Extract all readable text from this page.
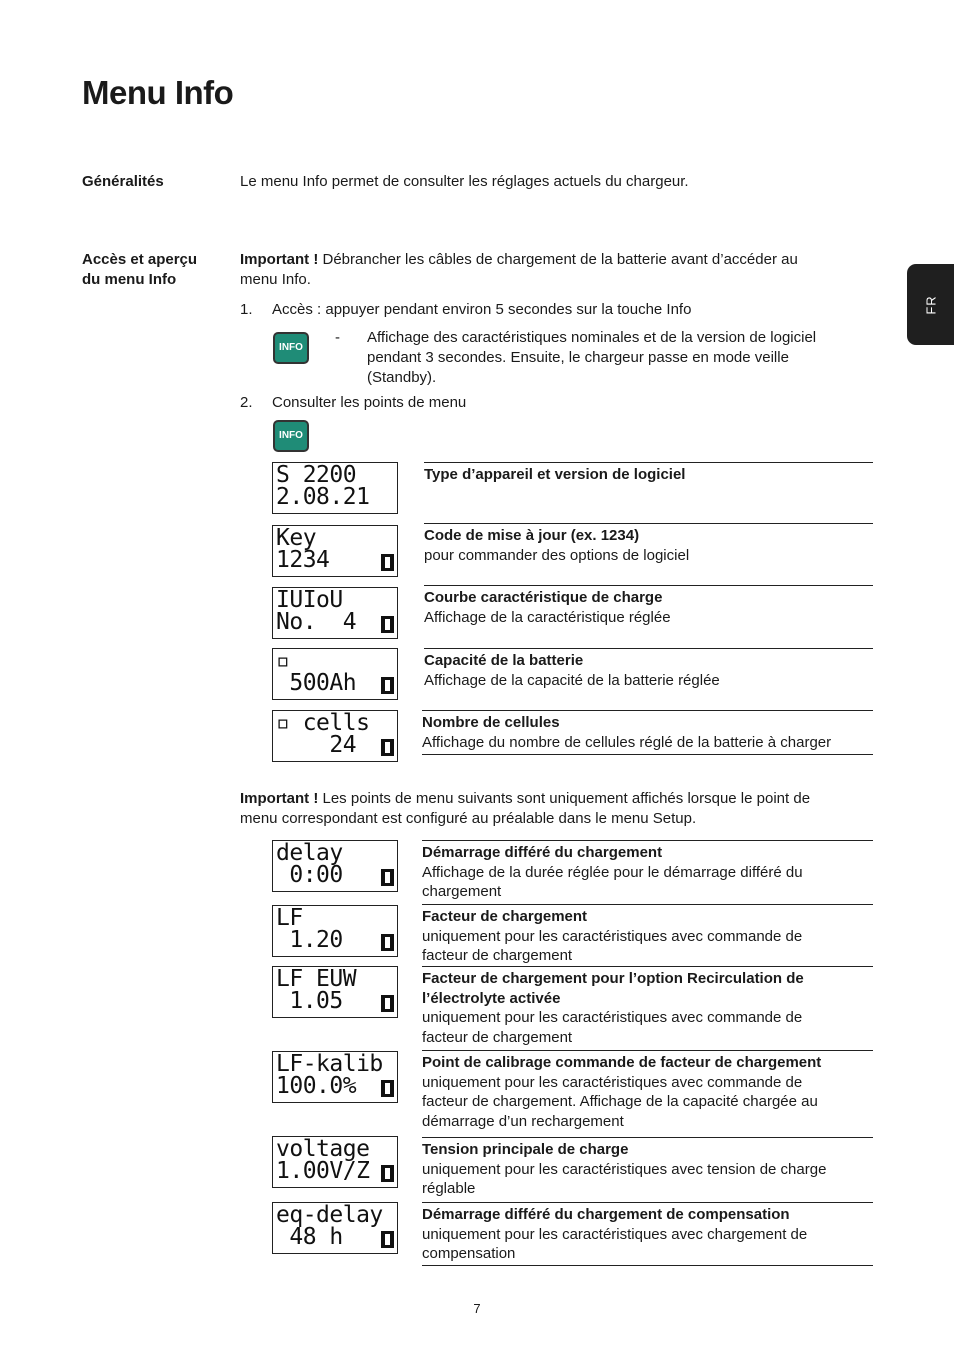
Menu Info
FR
Généralités	Le menu Info permet de consulter les réglages actuels du chargeur.
Accès et aperçu
du menu Info
Important ! Débrancher les câbles de chargement de la batterie avant d’accéder au
menu Info.
1. Accès : appuyer pendant environ 5 secondes sur la touche Info
INFO
- Affichage des caractéristiques nominales et de la version de logiciel
pendant 3 secondes. Ensuite, le chargeur passe en mode veille
(Standby).
2. Consulter les points de menu
INFO
S 2200
2.08.21
Type d’appareil et version de logiciel
Key
1234
Code de mise à jour (ex. 1234)
pour commander des options de logiciel
IUIoU
No.  4
Courbe caractéristique de charge
Affichage de la caractéristique réglée
▫
500Ah
Capacité de la batterie
Affichage de la capacité de la batterie réglée
▫ cells
24
Nombre de cellules
Affichage du nombre de cellules réglé de la batterie à charger
Important ! Les points de menu suivants sont uniquement affichés lorsque le point de
menu correspondant est configuré au préalable dans le menu Setup.
delay
0:00
Démarrage différé du chargement
Affichage de la durée réglée pour le démarrage différé du
chargement
LF
1.20
Facteur de chargement
uniquement pour les caractéristiques avec commande de
facteur de chargement
LF EUW
1.05
Facteur de chargement pour l’option Recirculation de
l’électrolyte activée
uniquement pour les caractéristiques avec commande de
facteur de chargement
LF-kalib
100.0%
Point de calibrage commande de facteur de chargement
uniquement pour les caractéristiques avec commande de
facteur de chargement. Affichage de la capacité chargée au
démarrage d’un rechargement
voltage
1.00V/Z
Tension principale de charge
uniquement pour les caractéristiques avec tension de charge
réglable
eq-delay
48 h
Démarrage différé du chargement de compensation
uniquement pour les caractéristiques avec chargement de
compensation
7
